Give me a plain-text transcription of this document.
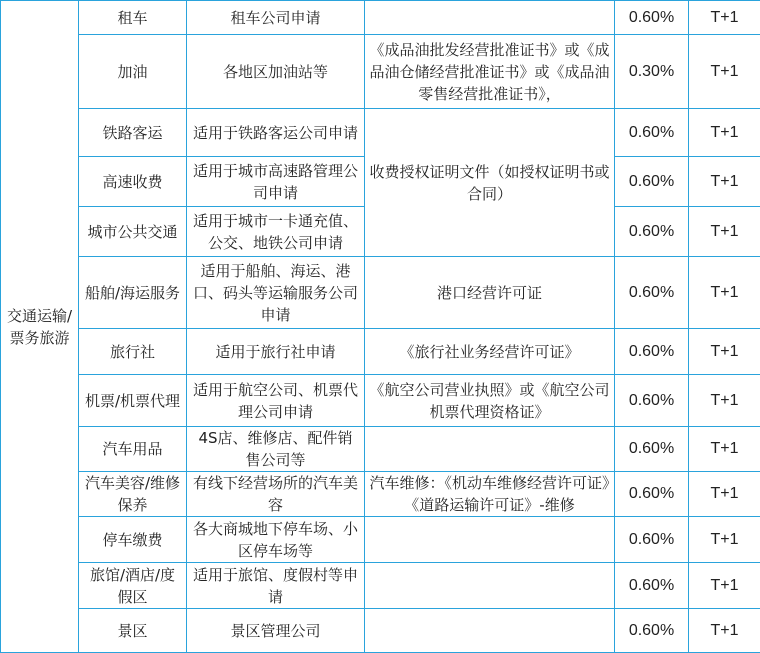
交通运输/票务旅游	租车	租车公司申请		0.60%	T+1
	加油	各地区加油站等	《成品油批发经营批准证书》或《成品油仓储经营批准证书》或《成品油零售经营批准证书》，	0.30%	T+1
	铁路客运	适用于铁路客运公司申请	收费授权证明文件（如授权证明书或合同）	0.60%	T+1
	高速收费	适用于城市高速路管理公司申请		0.60%	T+1
	城市公共交通	适用于城市一卡通充值、公交、地铁公司申请		0.60%	T+1
	船舶/海运服务	适用于船舶、海运、港口、码头等运输服务公司申请	港口经营许可证	0.60%	T+1
	旅行社	适用于旅行社申请	《旅行社业务经营许可证》	0.60%	T+1
	机票/机票代理	适用于航空公司、机票代理公司申请	《航空公司营业执照》或《航空公司机票代理资格证》	0.60%	T+1
	汽车用品	4S店、维修店、配件销售公司等		0.60%	T+1
	汽车美容/维修保养	有线下经营场所的汽车美容	汽车维修：《机动车维修经营许可证》《道路运输许可证》-维修	0.60%	T+1
	停车缴费	各大商城地下停车场、小区停车场等		0.60%	T+1
	旅馆/酒店/度假区	适用于旅馆、度假村等申请		0.60%	T+1
	景区	景区管理公司		0.60%	T+1
